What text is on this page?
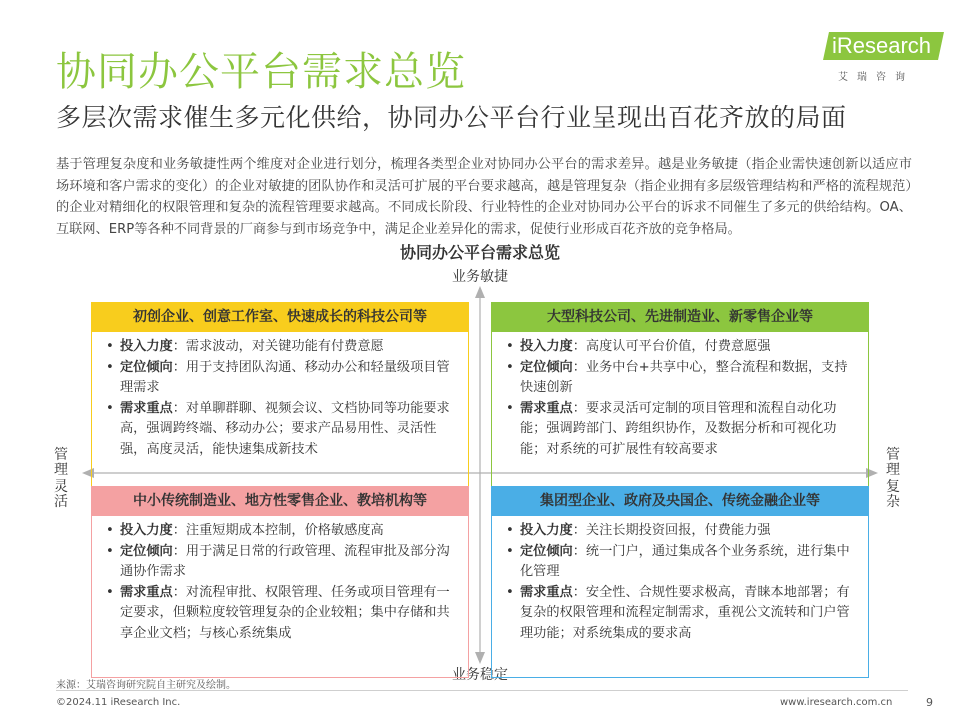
协同办公平台需求总览
多层次需求催生多元化供给，协同办公平台行业呈现出百花齐放的局面
iResearch
艾瑞咨询

基于管理复杂度和业务敏捷性两个维度对企业进行划分，梳理各类型企业对协同办公平台的需求差异。越是业务敏捷（指企业需快速创新以适应市场环境和客户需求的变化）的企业对敏捷的团队协作和灵活可扩展的平台要求越高，越是管理复杂（指企业拥有多层级管理结构和严格的流程规范）的企业对精细化的权限管理和复杂的流程管理要求越高。不同成长阶段、行业特性的企业对协同办公平台的诉求不同催生了多元的供给结构。OA、互联网、ERP等各种不同背景的厂商参与到市场竞争中，满足企业差异化的需求，促使行业形成百花齐放的竞争格局。

协同办公平台需求总览
业务敏捷
业务稳定
管理
灵活
管理
复杂
初创企业、创意工作室、快速成长的科技公司等
• 投入力度：需求波动，对关键功能有付费意愿
• 定位倾向：用于支持团队沟通、移动办公和轻量级项目管理需求
• 需求重点：对单聊群聊、视频会议、文档协同等功能要求高，强调跨终端、移动办公；要求产品易用性、灵活性强，高度灵活，能快速集成新技术
大型科技公司、先进制造业、新零售企业等
• 投入力度：高度认可平台价值，付费意愿强
• 定位倾向：业务中台+共享中心，整合流程和数据，支持快速创新
• 需求重点：要求灵活可定制的项目管理和流程自动化功能；强调跨部门、跨组织协作，及数据分析和可视化功能；对系统的可扩展性有较高要求
中小传统制造业、地方性零售企业、教培机构等
• 投入力度：注重短期成本控制，价格敏感度高
• 定位倾向：用于满足日常的行政管理、流程审批及部分沟通协作需求
• 需求重点：对流程审批、权限管理、任务或项目管理有一定要求，但颗粒度较管理复杂的企业较粗；集中存储和共享企业文档；与核心系统集成
集团型企业、政府及央国企、传统金融企业等
• 投入力度：关注长期投资回报，付费能力强
• 定位倾向：统一门户，通过集成各个业务系统，进行集中化管理
• 需求重点：安全性、合规性要求极高，青睐本地部署；有复杂的权限管理和流程定制需求，重视公文流转和门户管理功能；对系统集成的要求高
来源：艾瑞咨询研究院自主研究及绘制。
©2024.11 iResearch Inc.	www.iresearch.com.cn	9
